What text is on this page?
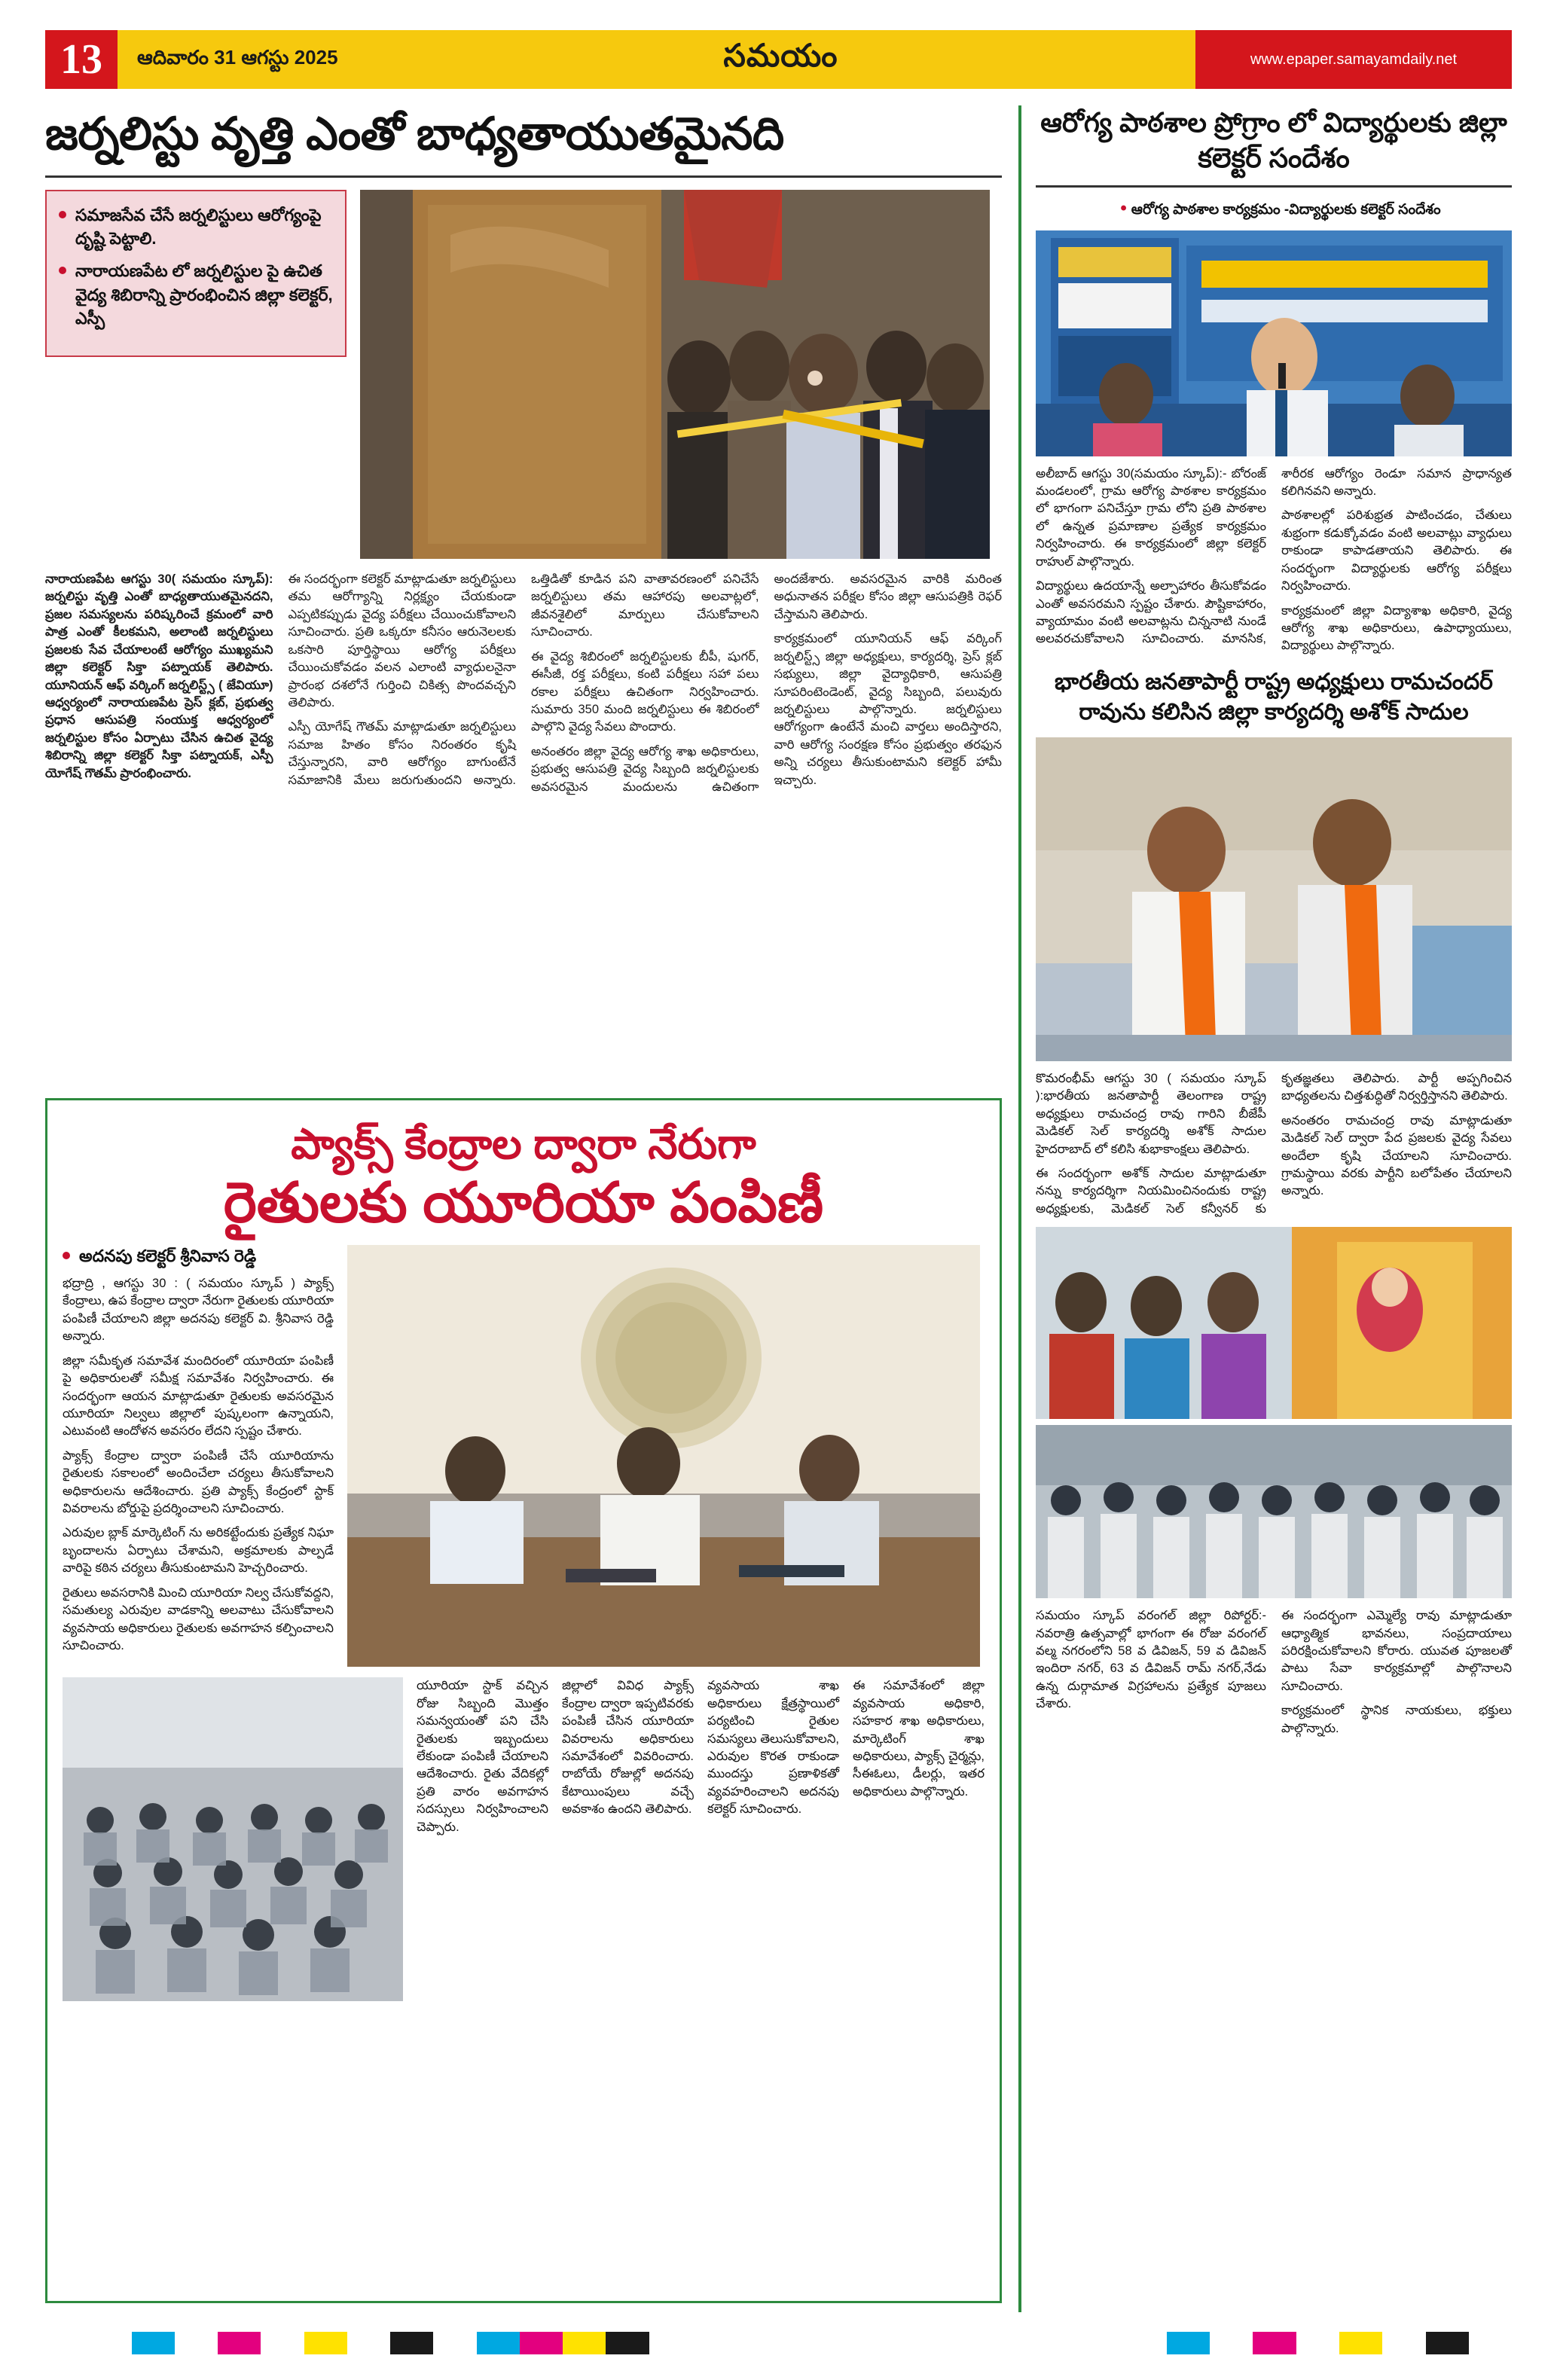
13	ఆదివారం 31 ఆగస్టు 2025	సమయం	www.epaper.samayamdaily.net
జర్నలిస్టు వృత్తి ఎంతో బాధ్యతాయుతమైనది
సమాజసేవ చేసే జర్నలిస్టులు ఆరోగ్యంపై దృష్టి పెట్టాలి.
నారాయణపేట లో జర్నలిస్టుల పై ఉచిత వైద్య శిబిరాన్ని ప్రారంభించిన జిల్లా కలెక్టర్, ఎస్పీ

నారాయణపేట ఆగస్టు 30( సమయం స్కూప్): జర్నలిస్టు వృత్తి ఎంతో బాధ్యతాయుతమైనదని, ప్రజల సమస్యలను పరిష్కరించే క్రమంలో వారి పాత్ర ఎంతో కీలకమని, అలాంటి జర్నలిస్టులు ప్రజలకు సేవ చేయాలంటే ఆరోగ్యం ముఖ్యమని జిల్లా కలెక్టర్ సిక్తా పట్నాయక్ తెలిపారు. యూనియన్ ఆఫ్ వర్కింగ్ జర్నలిస్ట్స్ ( జేవియూ) ఆధ్వర్యంలో నారాయణపేట ప్రెస్ క్లబ్, ప్రభుత్వ ప్రధాన ఆసుపత్రి సంయుక్త ఆధ్వర్యంలో జర్నలిస్టుల కోసం ఏర్పాటు చేసిన ఉచిత వైద్య శిబిరాన్ని జిల్లా కలెక్టర్ సిక్తా పట్నాయక్, ఎస్పీ యోగేష్ గౌతమ్ ప్రారంభించారు.

ఈ సందర్భంగా కలెక్టర్ మాట్లాడుతూ జర్నలిస్టులు తమ ఆరోగ్యాన్ని నిర్లక్ష్యం చేయకుండా ఎప్పటికప్పుడు వైద్య పరీక్షలు చేయించుకోవాలని సూచించారు. ప్రతి ఒక్కరూ కనీసం ఆరునెలలకు ఒకసారి పూర్తిస్థాయి ఆరోగ్య పరీక్షలు చేయించుకోవడం వలన ఎలాంటి వ్యాధులనైనా ప్రారంభ దశలోనే గుర్తించి చికిత్స పొందవచ్చని తెలిపారు.

ఎస్పీ యోగేష్ గౌతమ్ మాట్లాడుతూ జర్నలిస్టులు సమాజ హితం కోసం నిరంతరం కృషి చేస్తున్నారని, వారి ఆరోగ్యం బాగుంటేనే సమాజానికి మేలు జరుగుతుందని అన్నారు. ఒత్తిడితో కూడిన పని వాతావరణంలో పనిచేసే జర్నలిస్టులు తమ ఆహారపు అలవాట్లలో, జీవనశైలిలో మార్పులు చేసుకోవాలని సూచించారు.

ఈ వైద్య శిబిరంలో జర్నలిస్టులకు బీపీ, షుగర్, ఈసీజీ, రక్త పరీక్షలు, కంటి పరీక్షలు సహా పలు రకాల పరీక్షలు ఉచితంగా నిర్వహించారు. సుమారు 350 మంది జర్నలిస్టులు ఈ శిబిరంలో పాల్గొని వైద్య సేవలు పొందారు.

అనంతరం జిల్లా వైద్య ఆరోగ్య శాఖ అధికారులు, ప్రభుత్వ ఆసుపత్రి వైద్య సిబ్బంది జర్నలిస్టులకు అవసరమైన మందులను ఉచితంగా అందజేశారు. అవసరమైన వారికి మరింత అధునాతన పరీక్షల కోసం జిల్లా ఆసుపత్రికి రెఫర్ చేస్తామని తెలిపారు.

కార్యక్రమంలో యూనియన్ ఆఫ్ వర్కింగ్ జర్నలిస్ట్స్ జిల్లా అధ్యక్షులు, కార్యదర్శి, ప్రెస్ క్లబ్ సభ్యులు, జిల్లా వైద్యాధికారి, ఆసుపత్రి సూపరింటెండెంట్, వైద్య సిబ్బంది, పలువురు జర్నలిస్టులు పాల్గొన్నారు. జర్నలిస్టులు ఆరోగ్యంగా ఉంటేనే మంచి వార్తలు అందిస్తారని, వారి ఆరోగ్య సంరక్షణ కోసం ప్రభుత్వం తరఫున అన్ని చర్యలు తీసుకుంటామని కలెక్టర్ హామీ ఇచ్చారు.

ప్యాక్స్ కేంద్రాల ద్వారా నేరుగా
రైతులకు యూరియా పంపిణీ
అదనపు కలెక్టర్ శ్రీనివాస రెడ్డి

భద్రాద్రి , ఆగస్టు 30 : ( సమయం స్కూప్ ) ప్యాక్స్ కేంద్రాలు, ఉప కేంద్రాల ద్వారా నేరుగా రైతులకు యూరియా పంపిణీ చేయాలని జిల్లా అదనపు కలెక్టర్ వి. శ్రీనివాస రెడ్డి అన్నారు.

జిల్లా సమీకృత సమావేశ మందిరంలో యూరియా పంపిణీ పై అధికారులతో సమీక్ష సమావేశం నిర్వహించారు. ఈ సందర్భంగా ఆయన మాట్లాడుతూ రైతులకు అవసరమైన యూరియా నిల్వలు జిల్లాలో పుష్కలంగా ఉన్నాయని, ఎటువంటి ఆందోళన అవసరం లేదని స్పష్టం చేశారు.

ప్యాక్స్ కేంద్రాల ద్వారా పంపిణీ చేసే యూరియాను రైతులకు సకాలంలో అందించేలా చర్యలు తీసుకోవాలని అధికారులను ఆదేశించారు. ప్రతి ప్యాక్స్ కేంద్రంలో స్టాక్ వివరాలను బోర్డుపై ప్రదర్శించాలని సూచించారు.

ఎరువుల బ్లాక్ మార్కెటింగ్ ను అరికట్టేందుకు ప్రత్యేక నిఘా బృందాలను ఏర్పాటు చేశామని, అక్రమాలకు పాల్పడే వారిపై కఠిన చర్యలు తీసుకుంటామని హెచ్చరించారు.

రైతులు అవసరానికి మించి యూరియా నిల్వ చేసుకోవద్దని, సమతుల్య ఎరువుల వాడకాన్ని అలవాటు చేసుకోవాలని వ్యవసాయ అధికారులు రైతులకు అవగాహన కల్పించాలని సూచించారు.

యూరియా స్టాక్ వచ్చిన రోజు సిబ్బంది మొత్తం సమన్వయంతో పని చేసి రైతులకు ఇబ్బందులు లేకుండా పంపిణీ చేయాలని ఆదేశించారు. రైతు వేదికల్లో ప్రతి వారం అవగాహన సదస్సులు నిర్వహించాలని చెప్పారు.

జిల్లాలో వివిధ ప్యాక్స్ కేంద్రాల ద్వారా ఇప్పటివరకు పంపిణీ చేసిన యూరియా వివరాలను అధికారులు సమావేశంలో వివరించారు. రాబోయే రోజుల్లో అదనపు కేటాయింపులు వచ్చే అవకాశం ఉందని తెలిపారు.

వ్యవసాయ శాఖ అధికారులు క్షేత్రస్థాయిలో పర్యటించి రైతుల సమస్యలు తెలుసుకోవాలని, ఎరువుల కొరత రాకుండా ముందస్తు ప్రణాళికతో వ్యవహరించాలని అదనపు కలెక్టర్ సూచించారు.

ఈ సమావేశంలో జిల్లా వ్యవసాయ అధికారి, సహకార శాఖ అధికారులు, మార్కెటింగ్ శాఖ అధికారులు, ప్యాక్స్ చైర్మన్లు, సీఈఓలు, డీలర్లు, ఇతర అధికారులు పాల్గొన్నారు.

ఆరోగ్య పాఠశాల ప్రోగ్రాం లో విద్యార్థులకు జిల్లా కలెక్టర్ సందేశం
• ఆరోగ్య పాఠశాల కార్యక్రమం -విద్యార్థులకు కలెక్టర్ సందేశం

అలీబాద్ ఆగస్టు 30(సమయం స్కూప్):- బోరంజ్ మండలంలో, గ్రామ ఆరోగ్య పాఠశాల కార్యక్రమం లో భాగంగా పనిచేస్తూ గ్రామ లోని ప్రతి పాఠశాల లో ఉన్నత ప్రమాణాల ప్రత్యేక కార్యక్రమం నిర్వహించారు. ఈ కార్యక్రమంలో జిల్లా కలెక్టర్ రాహుల్ పాల్గొన్నారు.

విద్యార్థులు ఉదయాన్నే అల్పాహారం తీసుకోవడం ఎంతో అవసరమని స్పష్టం చేశారు. పౌష్టికాహారం, వ్యాయామం వంటి అలవాట్లను చిన్ననాటి నుండే అలవరచుకోవాలని సూచించారు. మానసిక, శారీరక ఆరోగ్యం రెండూ సమాన ప్రాధాన్యత కలిగినవని అన్నారు.

పాఠశాలల్లో పరిశుభ్రత పాటించడం, చేతులు శుభ్రంగా కడుక్కోవడం వంటి అలవాట్లు వ్యాధులు రాకుండా కాపాడతాయని తెలిపారు. ఈ సందర్భంగా విద్యార్థులకు ఆరోగ్య పరీక్షలు నిర్వహించారు.

కార్యక్రమంలో జిల్లా విద్యాశాఖ అధికారి, వైద్య ఆరోగ్య శాఖ అధికారులు, ఉపాధ్యాయులు, విద్యార్థులు పాల్గొన్నారు.

భారతీయ జనతాపార్టీ రాష్ట్ర అధ్యక్షులు రామచందర్ రావును కలిసిన జిల్లా కార్యదర్శి అశోక్ సాదుల

కొమరంభీమ్ ఆగస్టు 30 ( సమయం స్కూప్ ):భారతీయ జనతాపార్టీ తెలంగాణ రాష్ట్ర అధ్యక్షులు రామచంద్ర రావు గారిని బీజేపీ మెడికల్ సెల్ కార్యదర్శి అశోక్ సాదుల హైదరాబాద్ లో కలిసి శుభాకాంక్షలు తెలిపారు.

ఈ సందర్భంగా అశోక్ సాదుల మాట్లాడుతూ నన్ను కార్యదర్శిగా నియమించినందుకు రాష్ట్ర అధ్యక్షులకు, మెడికల్ సెల్ కన్వీనర్ కు కృతజ్ఞతలు తెలిపారు. పార్టీ అప్పగించిన బాధ్యతలను చిత్తశుద్ధితో నిర్వర్తిస్తానని తెలిపారు.

అనంతరం రామచంద్ర రావు మాట్లాడుతూ మెడికల్ సెల్ ద్వారా పేద ప్రజలకు వైద్య సేవలు అందేలా కృషి చేయాలని సూచించారు. గ్రామస్థాయి వరకు పార్టీని బలోపేతం చేయాలని అన్నారు.

సమయం స్కూప్ వరంగల్ జిల్లా రిపోర్టర్:- నవరాత్రి ఉత్సవాల్లో భాగంగా ఈ రోజు వరంగల్ వల్మ నగరంలోని 58 వ డివిజన్, 59 వ డివిజన్ ఇందిరా నగర్, 63 వ డివిజన్ రామ్ నగర్,నేడు ఉన్న దుర్గామాత విగ్రహాలను ప్రత్యేక పూజలు చేశారు.

ఈ సందర్భంగా ఎమ్మెల్యే రావు మాట్లాడుతూ ఆధ్యాత్మిక భావనలు, సంప్రదాయాలు పరిరక్షించుకోవాలని కోరారు. యువత పూజలతో పాటు సేవా కార్యక్రమాల్లో పాల్గొనాలని సూచించారు.

కార్యక్రమంలో స్థానిక నాయకులు, భక్తులు పాల్గొన్నారు.
